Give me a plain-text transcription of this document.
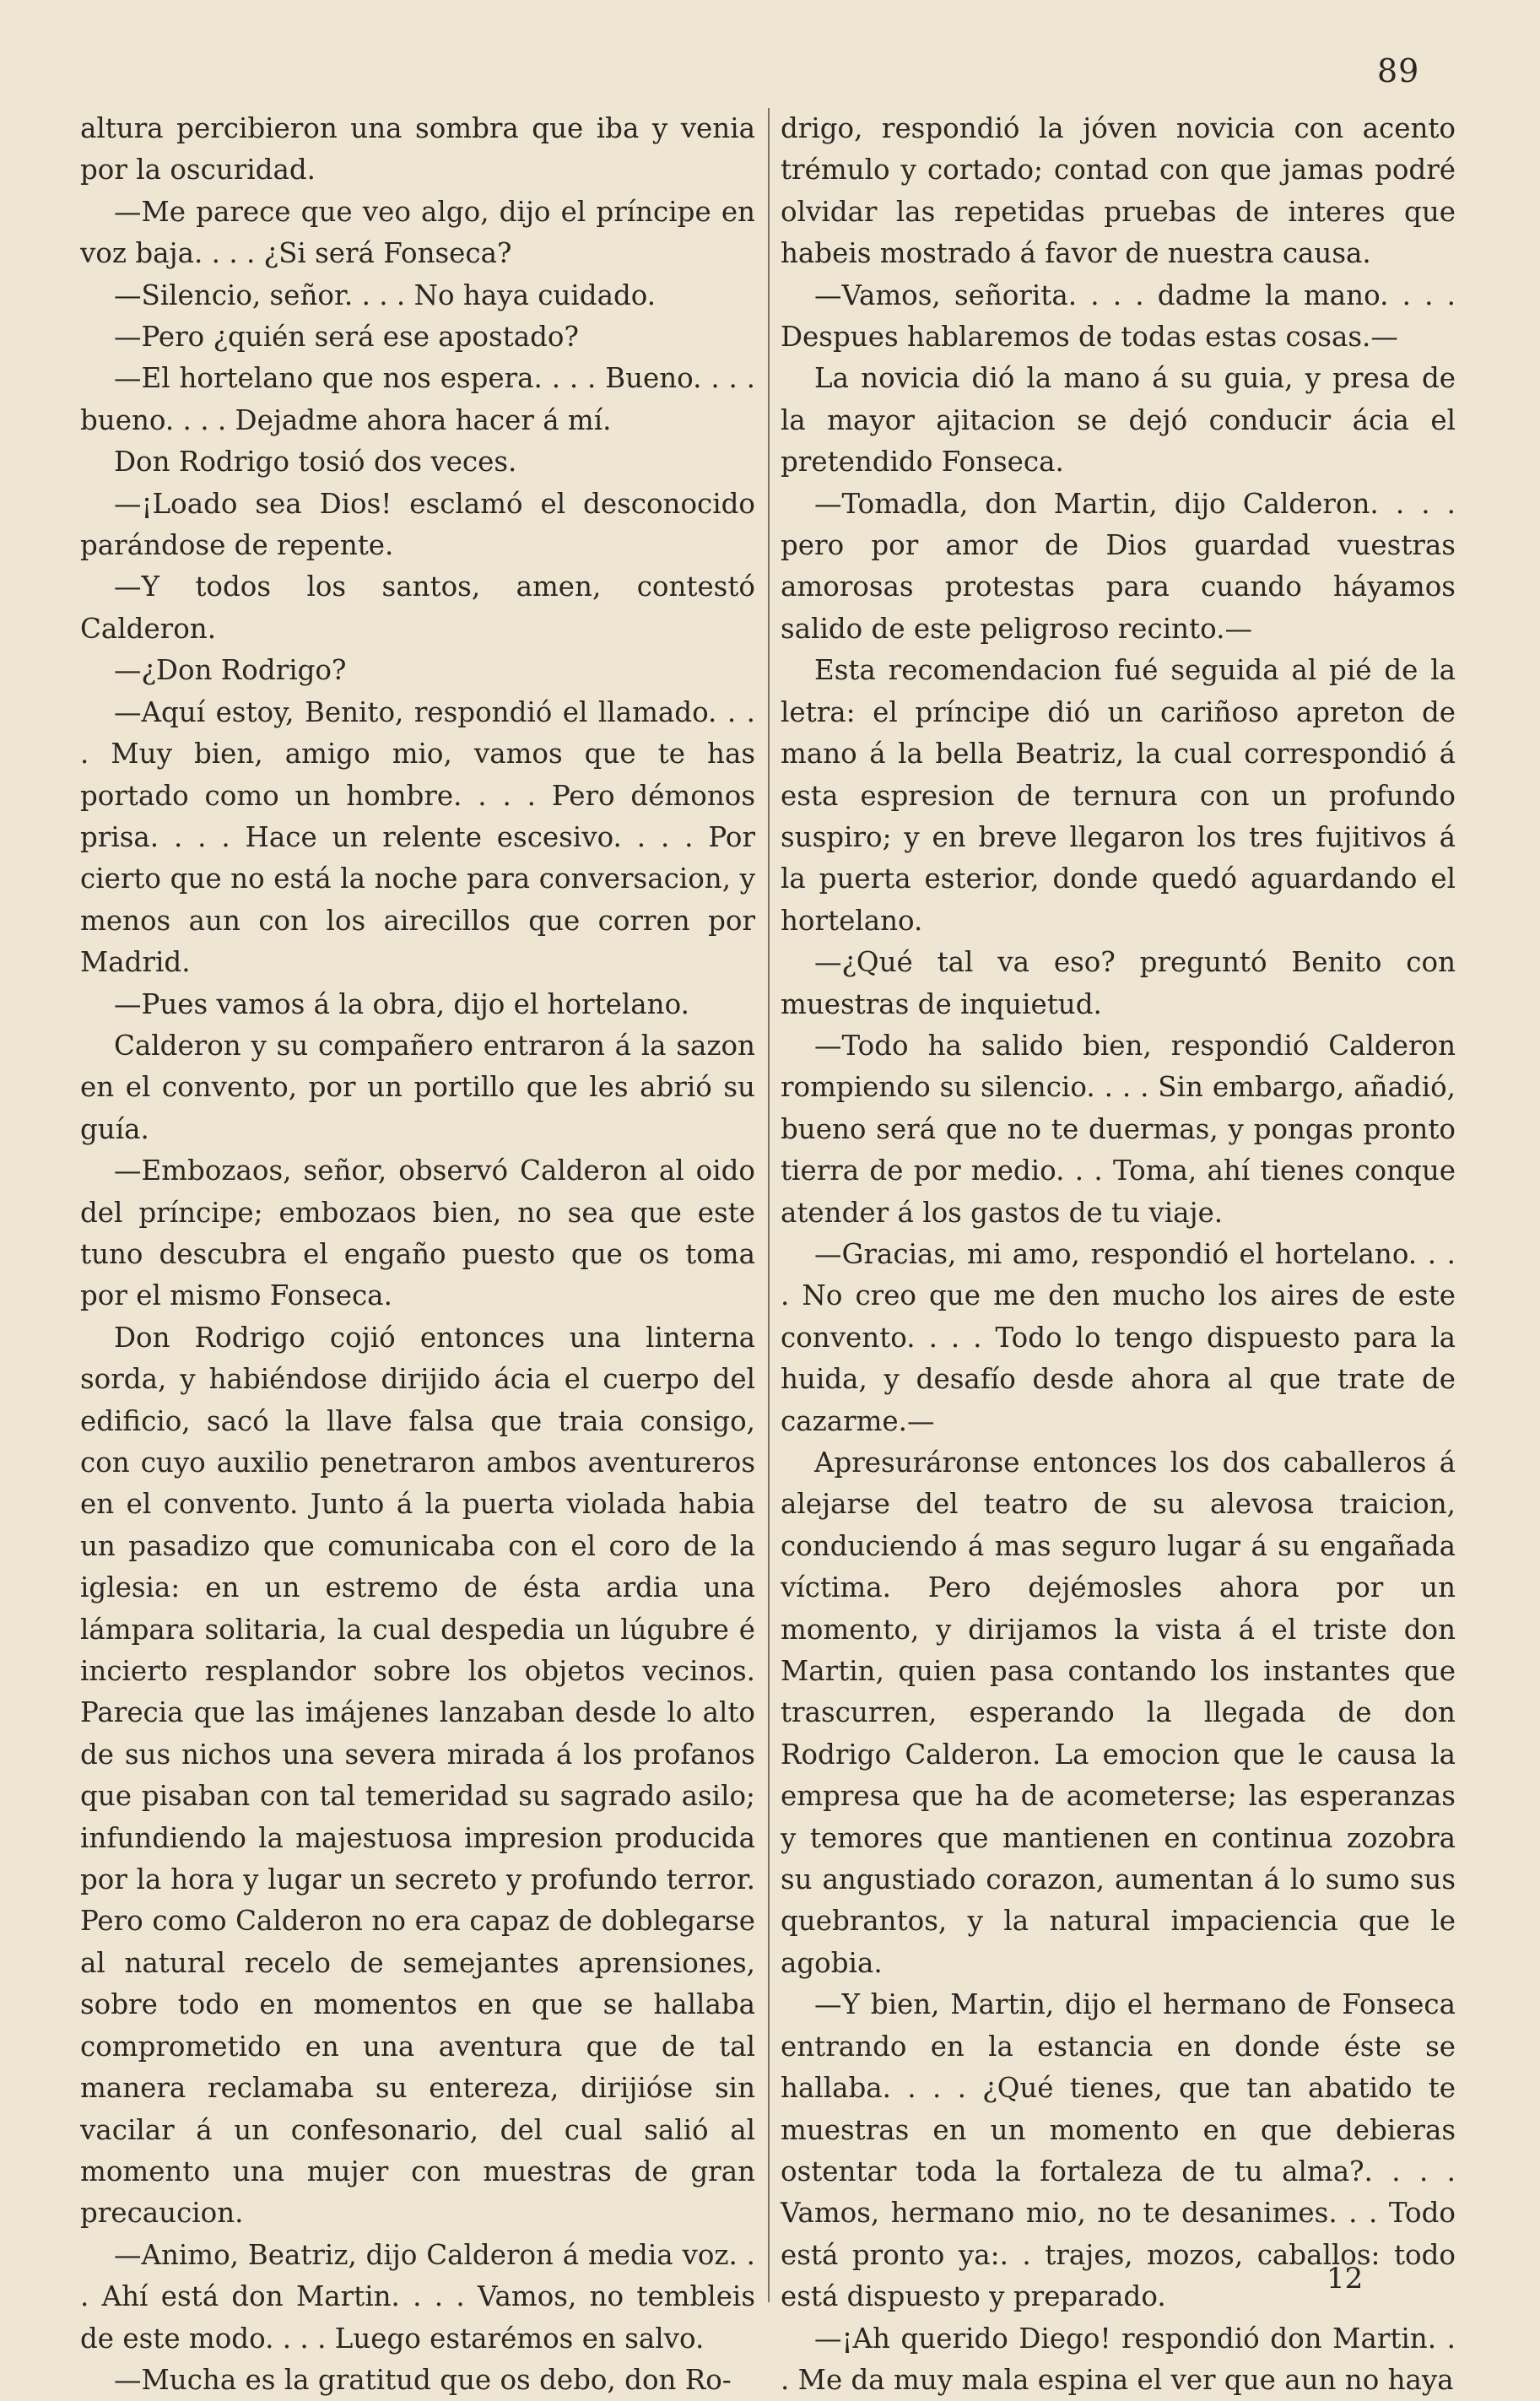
89

altura percibieron una sombra que iba y venia por la oscuridad.

—Me parece que veo algo, dijo el príncipe en voz baja. . . . ¿Si será Fonseca?

—Silencio, señor. . . . No haya cuidado.

—Pero ¿quién será ese apostado?

—El hortelano que nos espera. . . . Bueno. . . . bueno. . . . Dejadme ahora hacer á mí.

Don Rodrigo tosió dos veces.

—¡Loado sea Dios! esclamó el desconocido parándose de repente.

—Y todos los santos, amen, contestó Calderon.

—¿Don Rodrigo?

—Aquí estoy, Benito, respondió el llamado. . . . Muy bien, amigo mio, vamos que te has portado como un hombre. . . . Pero démonos prisa. . . . Hace un relente escesivo. . . . Por cierto que no está la noche para conversacion, y menos aun con los airecillos que corren por Madrid.

—Pues vamos á la obra, dijo el hortelano.

Calderon y su compañero entraron á la sazon en el convento, por un portillo que les abrió su guía.

—Embozaos, señor, observó Calderon al oido del príncipe; embozaos bien, no sea que este tuno descubra el engaño puesto que os toma por el mismo Fonseca.

Don Rodrigo cojió entonces una linterna sorda, y habiéndose dirijido ácia el cuerpo del edificio, sacó la llave falsa que traia consigo, con cuyo auxilio penetraron ambos aventureros en el convento. Junto á la puerta violada habia un pasadizo que comunicaba con el coro de la iglesia: en un estremo de ésta ardia una lámpara solitaria, la cual despedia un lúgubre é incierto resplandor sobre los objetos vecinos. Parecia que las imájenes lanzaban desde lo alto de sus nichos una severa mirada á los profanos que pisaban con tal temeridad su sagrado asilo; infundiendo la majestuosa impresion producida por la hora y lugar un secreto y profundo terror. Pero como Calderon no era capaz de doblegarse al natural recelo de semejantes aprensiones, sobre todo en momentos en que se hallaba comprometido en una aventura que de tal manera reclamaba su entereza, dirijióse sin vacilar á un confesonario, del cual salió al momento una mujer con muestras de gran precaucion.

—Animo, Beatriz, dijo Calderon á media voz. . . Ahí está don Martin. . . . Vamos, no tembleis de este modo. . . . Luego estarémos en salvo.

—Mucha es la gratitud que os debo, don Ro-

drigo, respondió la jóven novicia con acento trémulo y cortado; contad con que jamas podré olvidar las repetidas pruebas de interes que habeis mostrado á favor de nuestra causa.

—Vamos, señorita. . . . dadme la mano. . . . Despues hablaremos de todas estas cosas.—

La novicia dió la mano á su guia, y presa de la mayor ajitacion se dejó conducir ácia el pretendido Fonseca.

—Tomadla, don Martin, dijo Calderon. . . . pero por amor de Dios guardad vuestras amorosas protestas para cuando háyamos salido de este peligroso recinto.—

Esta recomendacion fué seguida al pié de la letra: el príncipe dió un cariñoso apreton de mano á la bella Beatriz, la cual correspondió á esta espresion de ternura con un profundo suspiro; y en breve llegaron los tres fujitivos á la puerta esterior, donde quedó aguardando el hortelano.

—¿Qué tal va eso? preguntó Benito con muestras de inquietud.

—Todo ha salido bien, respondió Calderon rompiendo su silencio. . . . Sin embargo, añadió, bueno será que no te duermas, y pongas pronto tierra de por medio. . . Toma, ahí tienes conque atender á los gastos de tu viaje.

—Gracias, mi amo, respondió el hortelano. . . . No creo que me den mucho los aires de este convento. . . . Todo lo tengo dispuesto para la huida, y desafío desde ahora al que trate de cazarme.—

Apresuráronse entonces los dos caballeros á alejarse del teatro de su alevosa traicion, conduciendo á mas seguro lugar á su engañada víctima. Pero dejémosles ahora por un momento, y dirijamos la vista á el triste don Martin, quien pasa contando los instantes que trascurren, esperando la llegada de don Rodrigo Calderon. La emocion que le causa la empresa que ha de acometerse; las esperanzas y temores que mantienen en continua zozobra su angustiado corazon, aumentan á lo sumo sus quebrantos, y la natural impaciencia que le agobia.

—Y bien, Martin, dijo el hermano de Fonseca entrando en la estancia en donde éste se hallaba. . . . ¿Qué tienes, que tan abatido te muestras en un momento en que debieras ostentar toda la fortaleza de tu alma?. . . . Vamos, hermano mio, no te desanimes. . . Todo está pronto ya:. . trajes, mozos, caballos: todo está dispuesto y preparado.

—¡Ah querido Diego! respondió don Martin. . . Me da muy mala espina el ver que aun no haya

12
